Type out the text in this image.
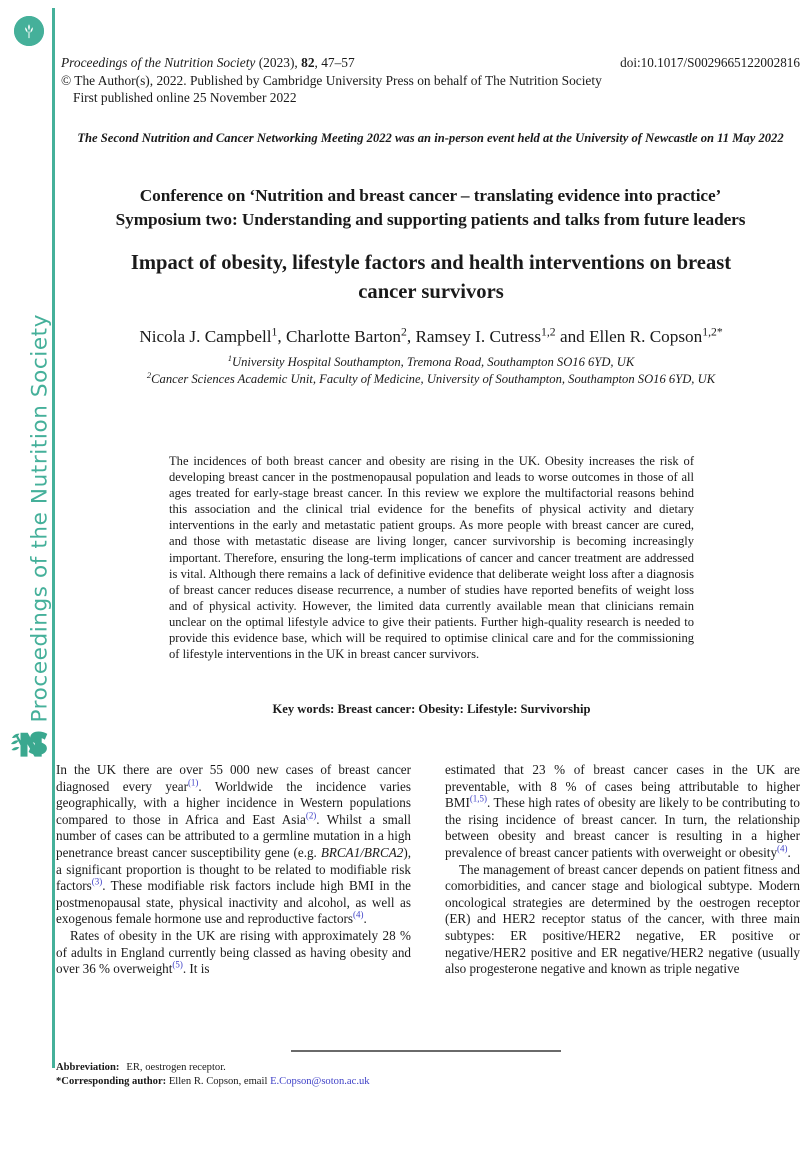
Proceedings of the Nutrition Society
Proceedings of the Nutrition Society (2023), 82, 47–57	doi:10.1017/S0029665122002816
© The Author(s), 2022. Published by Cambridge University Press on behalf of The Nutrition SocietyFirst published online 25 November 2022
The Second Nutrition and Cancer Networking Meeting 2022 was an in-person event held at the University of Newcastle on 11 May 2022
Conference on ‘Nutrition and breast cancer – translating evidence into practice’
Symposium two: Understanding and supporting patients and talks from future leaders
Impact of obesity, lifestyle factors and health interventions on breast cancer survivors
Nicola J. Campbell$^1$, Charlotte Barton$^2$, Ramsey I. Cutress$^{1,2}$ and Ellen R. Copson$^{1,2*}$
$^1$University Hospital Southampton, Tremona Road, Southampton SO16 6YD, UK
$^2$Cancer Sciences Academic Unit, Faculty of Medicine, University of Southampton, Southampton SO16 6YD, UK
The incidences of both breast cancer and obesity are rising in the UK. Obesity increases the risk of developing breast cancer in the postmenopausal population and leads to worse outcomes in those of all ages treated for early-stage breast cancer. In this review we explore the multifactorial reasons behind this association and the clinical trial evidence for the benefits of physical activity and dietary interventions in the early and metastatic patient groups. As more people with breast cancer are cured, and those with metastatic disease are living longer, cancer survivorship is becoming increasingly important. Therefore, ensuring the long-term implications of cancer and cancer treatment are addressed is vital. Although there remains a lack of definitive evidence that deliberate weight loss after a diagnosis of breast cancer reduces disease recurrence, a number of studies have reported benefits of weight loss and of physical activity. However, the limited data currently available mean that clinicians remain unclear on the optimal lifestyle advice to give their patients. Further high-quality research is needed to provide this evidence base, which will be required to optimise clinical care and for the commissioning of lifestyle interventions in the UK in breast cancer survivors.
Key words: Breast cancer: Obesity: Lifestyle: Survivorship

In the UK there are over 55 000 new cases of breast cancer diagnosed every year$^{(1)}$. Worldwide the incidence varies geographically, with a higher incidence in Western populations compared to those in Africa and East Asia$^{(2)}$. Whilst a small number of cases can be attributed to a germline mutation in a high penetrance breast cancer susceptibility gene (e.g. BRCA1/BRCA2), a significant proportion is thought to be related to modifiable risk factors$^{(3)}$. These modifiable risk factors include high BMI in the postmenopausal state, physical inactivity and alcohol, as well as exogenous female hormone use and reproductive factors$^{(4)}$.

Rates of obesity in the UK are rising with approximately 28 % of adults in England currently being classed as having obesity and over 36 % overweight$^{(5)}$. It is

estimated that 23 % of breast cancer cases in the UK are preventable, with 8 % of cases being attributable to higher BMI$^{(1,5)}$. These high rates of obesity are likely to be contributing to the rising incidence of breast cancer. In turn, the relationship between obesity and breast cancer is resulting in a higher prevalence of breast cancer patients with overweight or obesity$^{(4)}$.

The management of breast cancer depends on patient fitness and comorbidities, and cancer stage and biological subtype. Modern oncological strategies are determined by the oestrogen receptor (ER) and HER2 receptor status of the cancer, with three main subtypes: ER positive/HER2 negative, ER positive or negative/HER2 positive and ER negative/HER2 negative (usually also progesterone negative and known as triple negative

Abbreviation: ER, oestrogen receptor.
*Corresponding author: Ellen R. Copson, email E.Copson@soton.ac.uk
